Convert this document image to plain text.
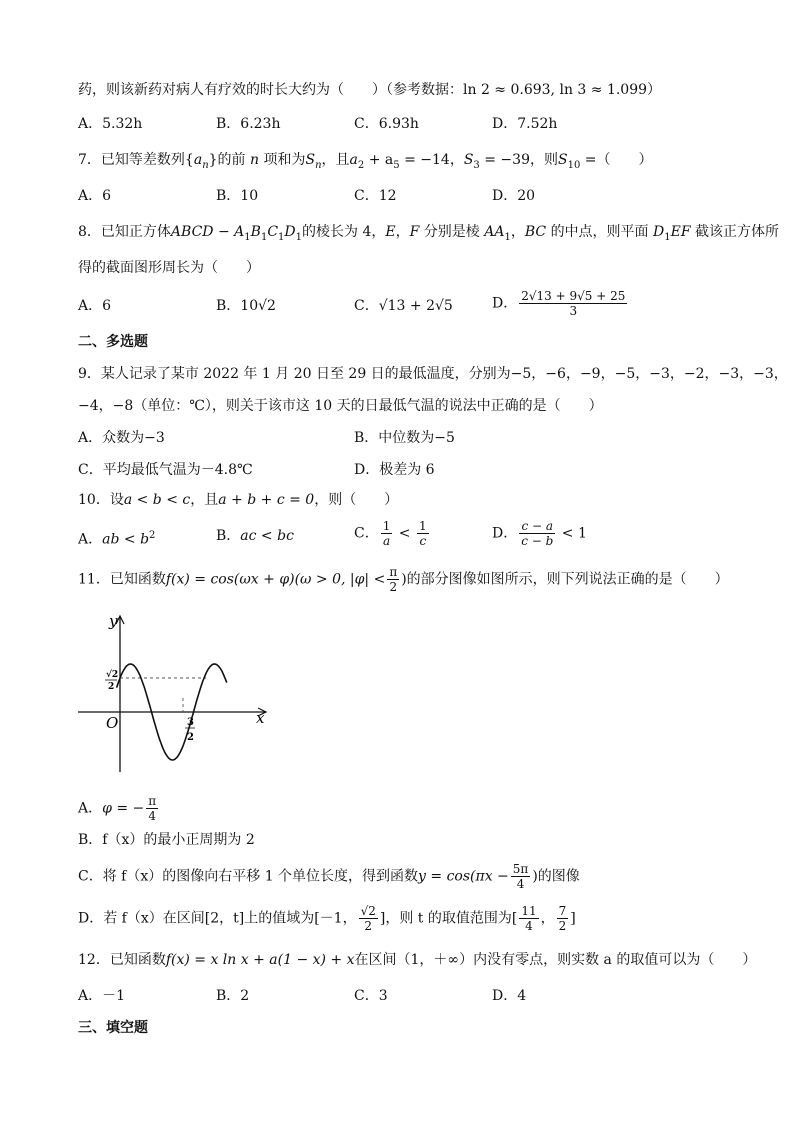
药，则该新药对病人有疗效的时长大约为（　　）（参考数据：ln 2 ≈ 0.693, ln 3 ≈ 1.099）
A．5.32h	B．6.23h	C．6.93h	D．7.52h
7．已知等差数列$\{a_n\}$的前 n 项和为$S_n$，且$a_2 + a_5 = -14$，$S_3 = -39$，则$S_{10}$ =（　　）
A．6	B．10	C．12	D．20
8．已知正方体ABCD − $A_1B_1C_1D_1$的棱长为 4，E，F 分别是棱 $AA_1$，BC 的中点，则平面 $D_1EF$ 截该正方体所
得的截面图形周长为（　　）
A．6	B．10√2	C．√13 + 2√5	D． $\frac{2√13 + 9√5 + 25}{3}$
二、多选题
9．某人记录了某市 2022 年 1 月 20 日至 29 日的最低温度，分别为−5，−6，−9，−5，−3，−2，−3，−3，
−4，−8（单位：℃），则关于该市这 10 天的日最低气温的说法中正确的是（　　）
A．众数为−3	B．中位数为−5
C．平均最低气温为－4.8℃	D．极差为 6
10．设a < b < c，且a + b + c = 0，则（　　）
A．ab < $b^2$	B．ac < bc	C． $\frac{1}{a} < \frac{1}{c}$	D． $\frac{c - a}{c - b} < 1$
11．已知函数f(x) = cos(ωx + φ)(ω > 0, $|\varphi| < \frac{\pi}{2}$ )的部分图像如图所示，则下列说法正确的是（　　）
y
x
O
√2
2
3
2
A．φ = − $\frac{\pi}{4}$
B．f（x）的最小正周期为 2
C．将 f（x）的图像向右平移 1 个单位长度，得到函数$y = \cos(\pi x - \frac{5\pi}{4}$ )的图像
D．若 f（x）在区间[2，t]上的值域为[－1， $\frac{√2}{2}$ ]，则 t 的取值范围为[ $\frac{11}{4}$ ， $\frac{7}{2}$ ]
12．已知函数f(x) = x ln x + a(1 − x) + x在区间（1，＋∞）内没有零点，则实数 a 的取值可以为（　　）
A．－1	B．2	C．3	D．4
三、填空题
